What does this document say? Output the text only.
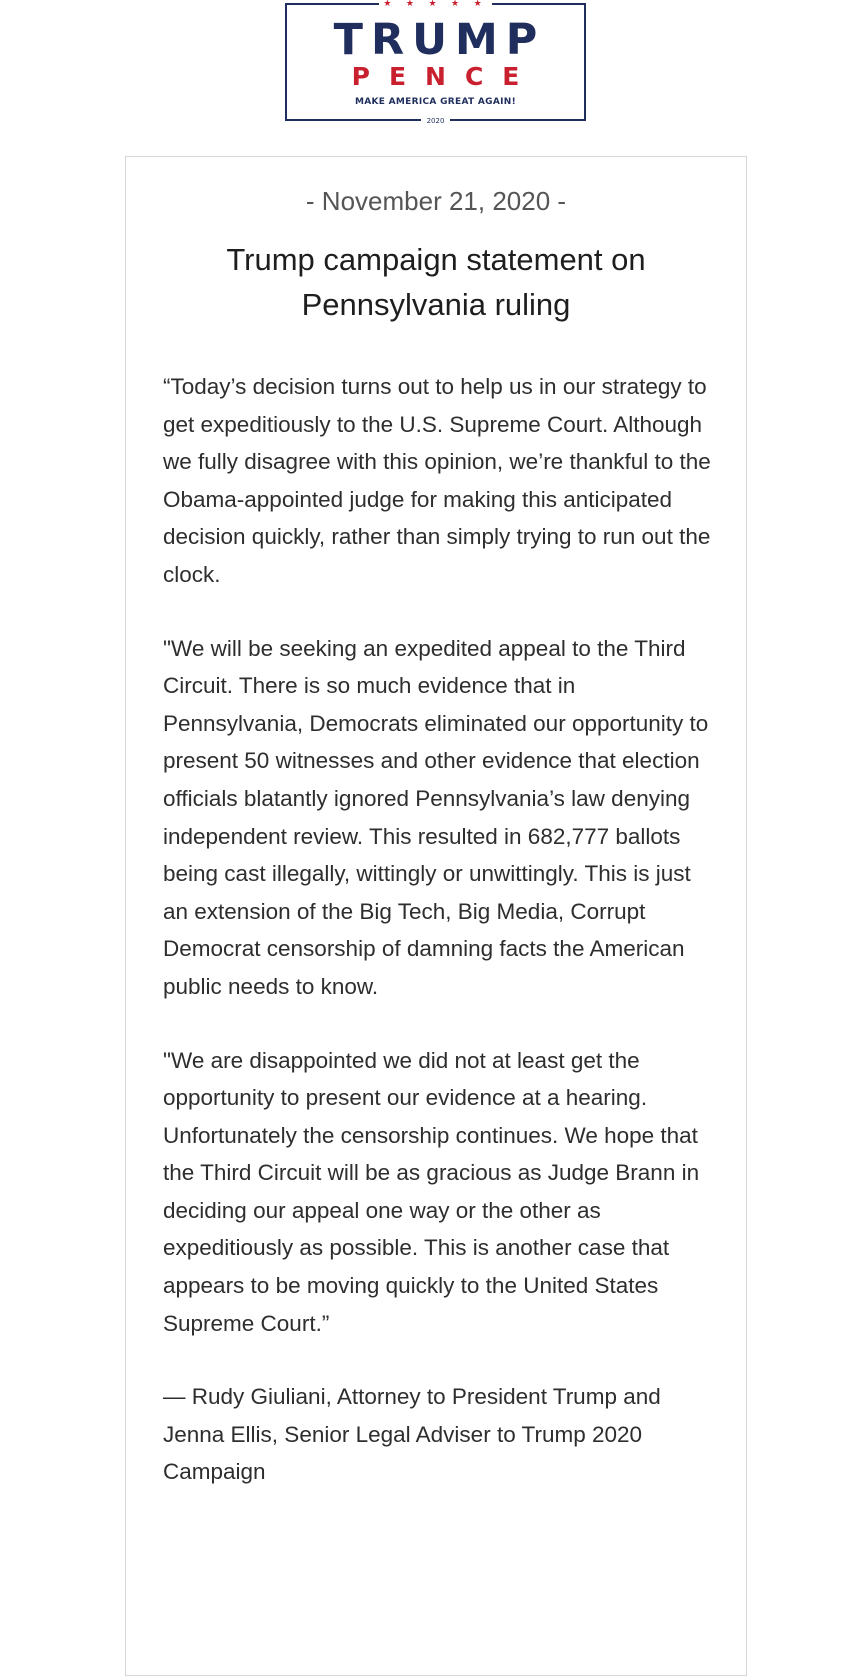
★ ★ ★ ★ ★
TRUMP
PENCE
MAKE AMERICA GREAT AGAIN!
2020
- November 21, 2020 -
Trump campaign statement on
Pennsylvania ruling

“Today’s decision turns out to help us in our strategy to get expeditiously to the U.S. Supreme Court. Although we fully disagree with this opinion, we’re thankful to the Obama-appointed judge for making this anticipated decision quickly, rather than simply trying to run out the clock.

"We will be seeking an expedited appeal to the Third Circuit. There is so much evidence that in Pennsylvania, Democrats eliminated our opportunity to present 50 witnesses and other evidence that election officials blatantly ignored Pennsylvania’s law denying independent review. This resulted in 682,777 ballots being cast illegally, wittingly or unwittingly. This is just an extension of the Big Tech, Big Media, Corrupt Democrat censorship of damning facts the American public needs to know.

"We are disappointed we did not at least get the opportunity to present our evidence at a hearing. Unfortunately the censorship continues. We hope that the Third Circuit will be as gracious as Judge Brann in deciding our appeal one way or the other as expeditiously as possible. This is another case that appears to be moving quickly to the United States Supreme Court.”

— Rudy Giuliani, Attorney to President Trump and Jenna Ellis, Senior Legal Adviser to Trump 2020 Campaign
